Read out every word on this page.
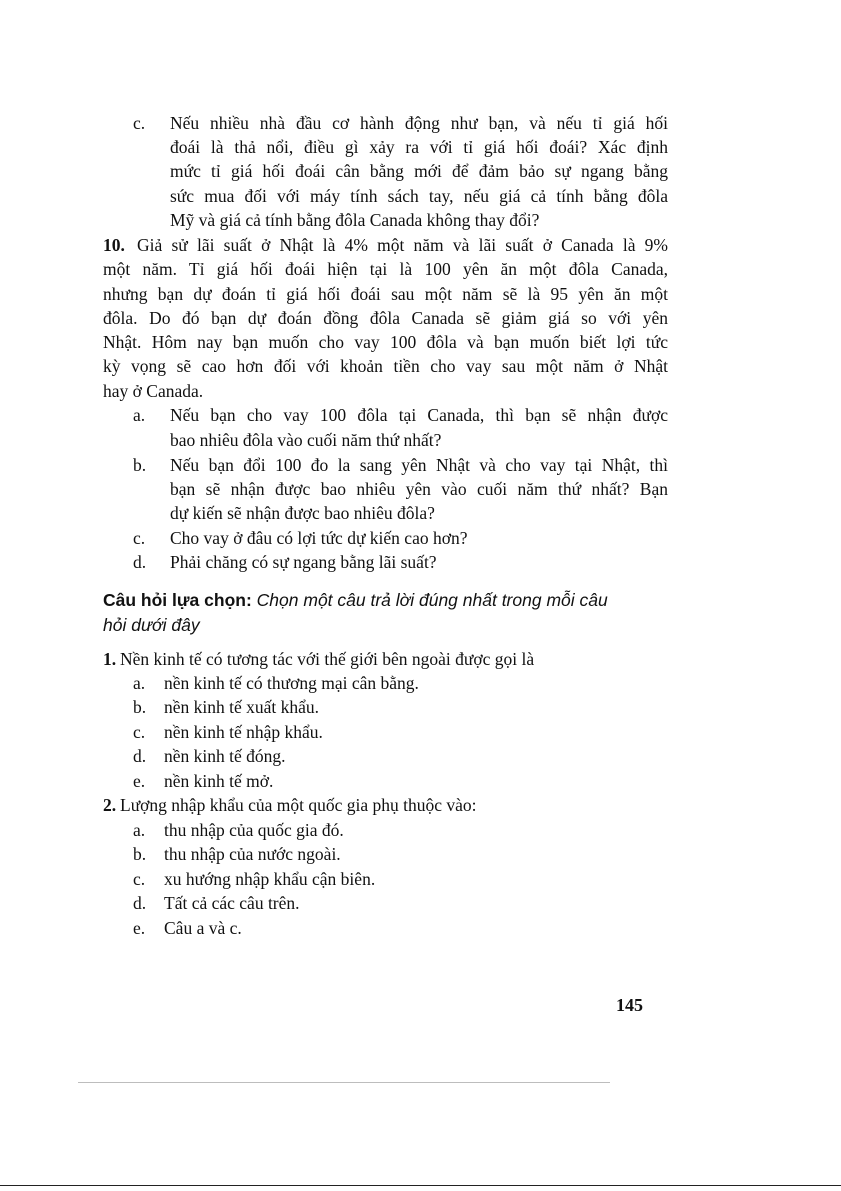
c. Nếu nhiều nhà đầu cơ hành động như bạn, và nếu tỉ giá hối
đoái là thả nổi, điều gì xảy ra với tỉ giá hối đoái? Xác định
mức tỉ giá hối đoái cân bằng mới để đảm bảo sự ngang bằng
sức mua đối với máy tính sách tay, nếu giá cả tính bằng đôla
Mỹ và giá cả tính bằng đôla Canada không thay đổi?
10. Giả sử lãi suất ở Nhật là 4% một năm và lãi suất ở Canada là 9%
một năm. Tỉ giá hối đoái hiện tại là 100 yên ăn một đôla Canada,
nhưng bạn dự đoán tỉ giá hối đoái sau một năm sẽ là 95 yên ăn một
đôla. Do đó bạn dự đoán đồng đôla Canada sẽ giảm giá so với yên
Nhật. Hôm nay bạn muốn cho vay 100 đôla và bạn muốn biết lợi tức
kỳ vọng sẽ cao hơn đối với khoản tiền cho vay sau một năm ở Nhật
hay ở Canada.
a. Nếu bạn cho vay 100 đôla tại Canada, thì bạn sẽ nhận được
bao nhiêu đôla vào cuối năm thứ nhất?
b. Nếu bạn đổi 100 đo la sang yên Nhật và cho vay tại Nhật, thì
bạn sẽ nhận được bao nhiêu yên vào cuối năm thứ nhất? Bạn
dự kiến sẽ nhận được bao nhiêu đôla?
c. Cho vay ở đâu có lợi tức dự kiến cao hơn?
d. Phải chăng có sự ngang bằng lãi suất?
Câu hỏi lựa chọn: Chọn một câu trả lời đúng nhất trong mỗi câu
hỏi dưới đây
1. Nền kinh tế có tương tác với thế giới bên ngoài được gọi là
a. nền kinh tế có thương mại cân bằng.
b. nền kinh tế xuất khẩu.
c. nền kinh tế nhập khẩu.
d. nền kinh tế đóng.
e. nền kinh tế mở.
2. Lượng nhập khẩu của một quốc gia phụ thuộc vào:
a. thu nhập của quốc gia đó.
b. thu nhập của nước ngoài.
c. xu hướng nhập khẩu cận biên.
d. Tất cả các câu trên.
e. Câu a và c.
145
